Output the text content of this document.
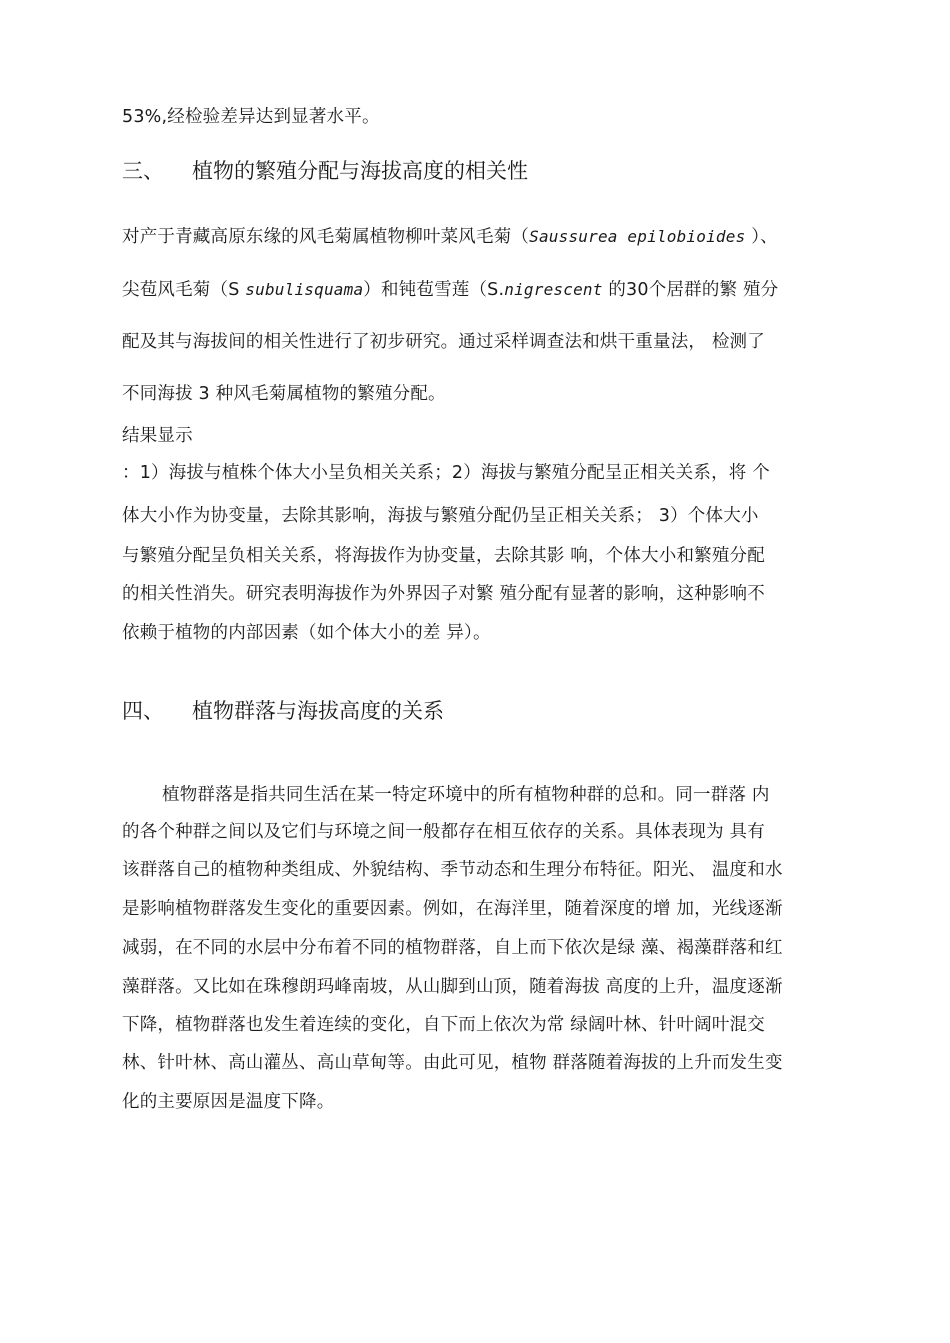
53%,经检验差异达到显著水平。
三、 植物的繁殖分配与海拔高度的相关性
对产于青藏高原东缘的风毛菊属植物柳叶菜风毛菊（Saussurea epilobioides ）、
尖苞风毛菊（S subulisquama）和钝苞雪莲（S.nigrescent 的30个居群的繁 殖分
配及其与海拔间的相关性进行了初步研究。通过采样调查法和烘干重量法， 检测了
不同海拔 3 种风毛菊属植物的繁殖分配。
结果显示
：1）海拔与植株个体大小呈负相关关系；2）海拔与繁殖分配呈正相关关系，将 个
体大小作为协变量，去除其影响，海拔与繁殖分配仍呈正相关关系； 3）个体大小
与繁殖分配呈负相关关系，将海拔作为协变量，去除其影 响，个体大小和繁殖分配
的相关性消失。研究表明海拔作为外界因子对繁 殖分配有显著的影响，这种影响不
依赖于植物的内部因素（如个体大小的差 异）。
四、 植物群落与海拔高度的关系
植物群落是指共同生活在某一特定环境中的所有植物种群的总和。同一群落 内
的各个种群之间以及它们与环境之间一般都存在相互依存的关系。具体表现为 具有
该群落自己的植物种类组成、外貌结构、季节动态和生理分布特征。阳光、 温度和水
是影响植物群落发生变化的重要因素。例如，在海洋里，随着深度的增 加，光线逐渐
减弱，在不同的水层中分布着不同的植物群落，自上而下依次是绿 藻、褐藻群落和红
藻群落。又比如在珠穆朗玛峰南坡，从山脚到山顶，随着海拔 高度的上升，温度逐渐
下降，植物群落也发生着连续的变化，自下而上依次为常 绿阔叶林、针叶阔叶混交
林、针叶林、高山灌丛、高山草甸等。由此可见，植物 群落随着海拔的上升而发生变
化的主要原因是温度下降。
